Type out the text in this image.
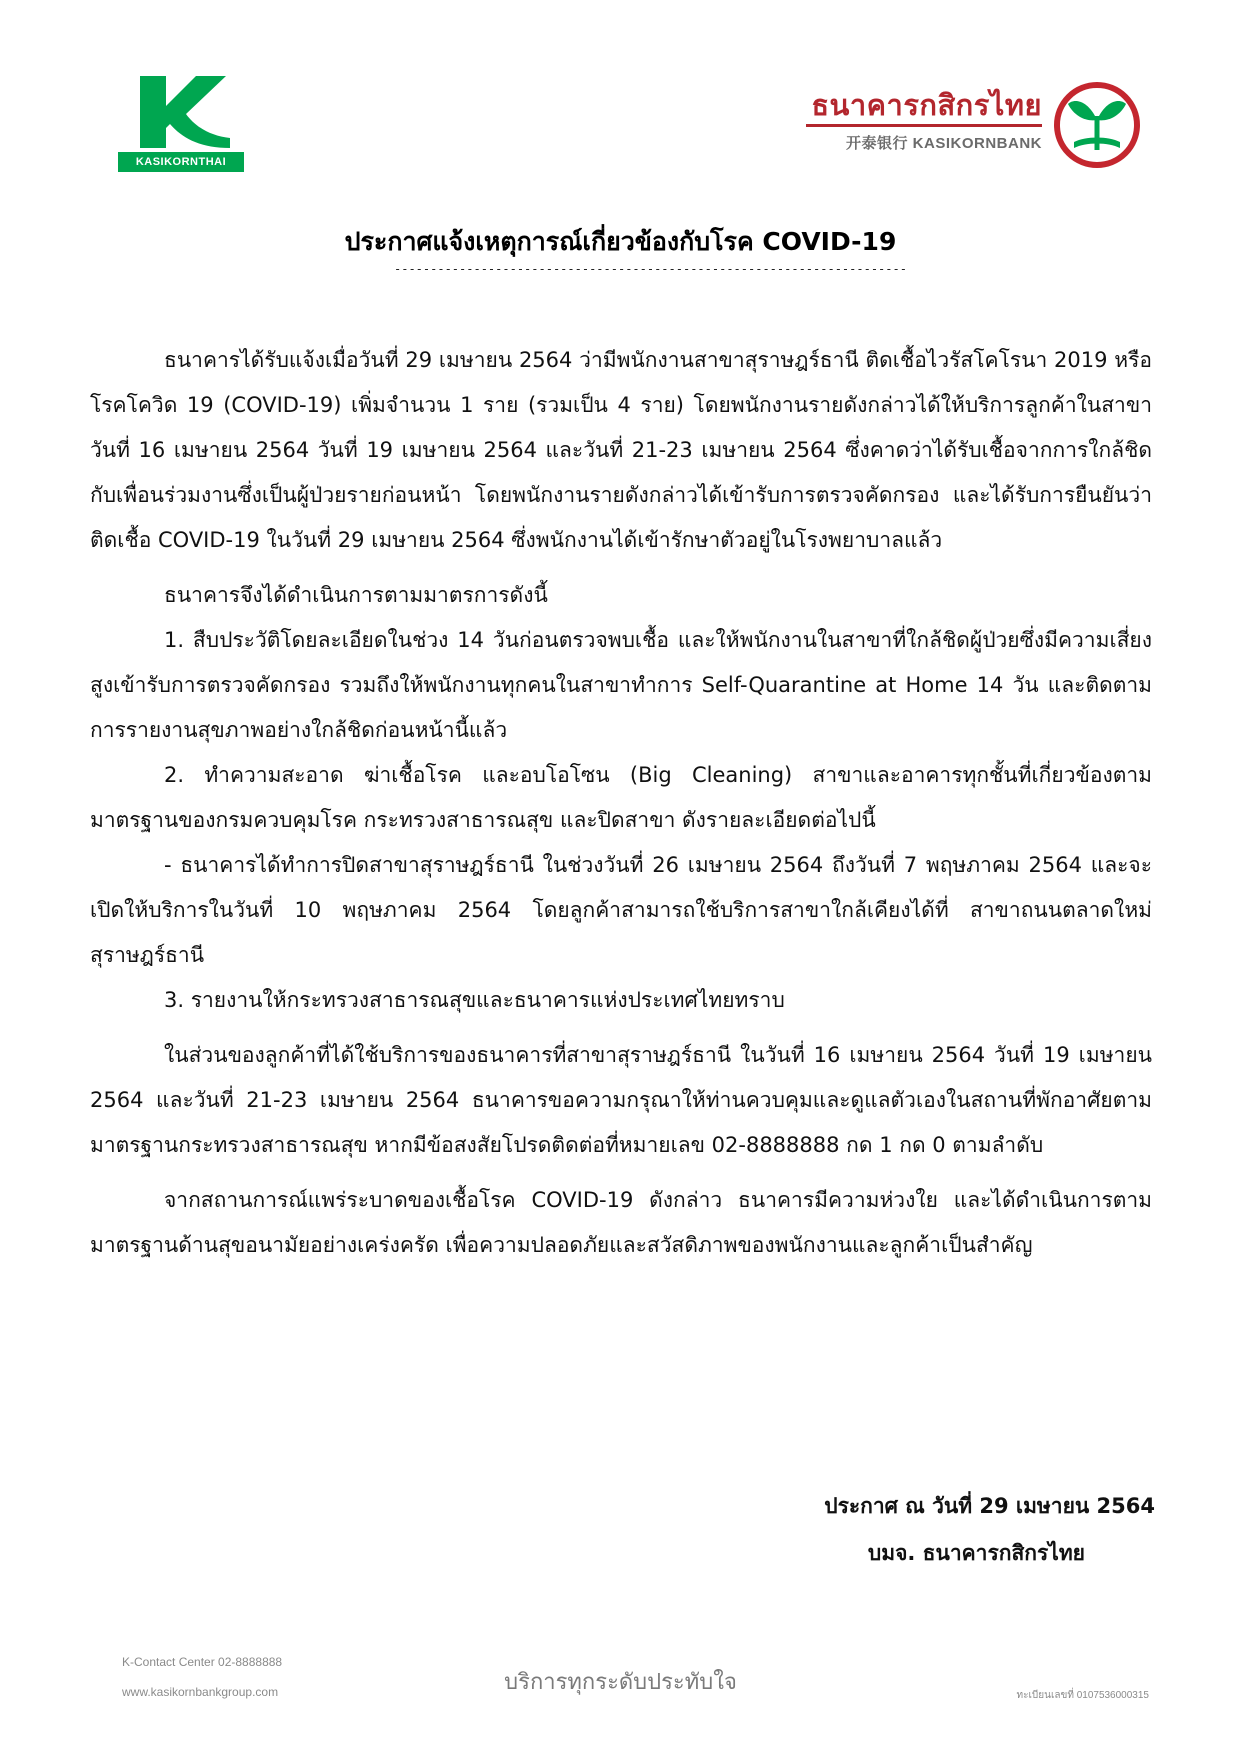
KASIKORNTHAI
ธนาคารกสิกรไทย
开泰银行 KASIKORNBANK
ประกาศแจ้งเหตุการณ์เกี่ยวข้องกับโรค COVID-19
-----------------------------------------------------------------------

ธนาคารได้รับแจ้งเมื่อวันที่ 29 เมษายน 2564 ว่ามีพนักงานสาขาสุราษฎร์ธานี ติดเชื้อไวรัสโคโรนา 2019 หรือโรคโควิด 19 (COVID-19) เพิ่มจำนวน 1 ราย (รวมเป็น 4 ราย) โดยพนักงานรายดังกล่าวได้ให้บริการลูกค้าในสาขา วันที่ 16 เมษายน 2564 วันที่ 19 เมษายน 2564 และวันที่ 21-23 เมษายน 2564 ซึ่งคาดว่าได้รับเชื้อจากการใกล้ชิดกับเพื่อนร่วมงานซึ่งเป็นผู้ป่วยรายก่อนหน้า โดยพนักงานรายดังกล่าวได้เข้ารับการตรวจคัดกรอง และได้รับการยืนยันว่าติดเชื้อ COVID-19 ในวันที่ 29 เมษายน 2564 ซึ่งพนักงานได้เข้ารักษาตัวอยู่ในโรงพยาบาลแล้ว

ธนาคารจึงได้ดำเนินการตามมาตรการดังนี้

1. สืบประวัติโดยละเอียดในช่วง 14 วันก่อนตรวจพบเชื้อ และให้พนักงานในสาขาที่ใกล้ชิดผู้ป่วยซึ่งมีความเสี่ยงสูงเข้ารับการตรวจคัดกรอง รวมถึงให้พนักงานทุกคนในสาขาทำการ Self-Quarantine at Home 14 วัน และติดตามการรายงานสุขภาพอย่างใกล้ชิดก่อนหน้านี้แล้ว

2. ทำความสะอาด ฆ่าเชื้อโรค และอบโอโซน (Big Cleaning) สาขาและอาคารทุกชั้นที่เกี่ยวข้องตามมาตรฐานของกรมควบคุมโรค กระทรวงสาธารณสุข และปิดสาขา ดังรายละเอียดต่อไปนี้

- ธนาคารได้ทำการปิดสาขาสุราษฎร์ธานี ในช่วงวันที่ 26 เมษายน 2564 ถึงวันที่ 7 พฤษภาคม 2564 และจะเปิดให้บริการในวันที่ 10 พฤษภาคม 2564 โดยลูกค้าสามารถใช้บริการสาขาใกล้เคียงได้ที่ สาขาถนนตลาดใหม่ สุราษฎร์ธานี

3. รายงานให้กระทรวงสาธารณสุขและธนาคารแห่งประเทศไทยทราบ

ในส่วนของลูกค้าที่ได้ใช้บริการของธนาคารที่สาขาสุราษฎร์ธานี ในวันที่ 16 เมษายน 2564 วันที่ 19 เมษายน 2564 และวันที่ 21-23 เมษายน 2564 ธนาคารขอความกรุณาให้ท่านควบคุมและดูแลตัวเองในสถานที่พักอาศัยตามมาตรฐานกระทรวงสาธารณสุข หากมีข้อสงสัยโปรดติดต่อที่หมายเลข 02-8888888 กด 1 กด 0 ตามลำดับ

จากสถานการณ์แพร่ระบาดของเชื้อโรค COVID-19 ดังกล่าว ธนาคารมีความห่วงใย และได้ดำเนินการตามมาตรฐานด้านสุขอนามัยอย่างเคร่งครัด เพื่อความปลอดภัยและสวัสดิภาพของพนักงานและลูกค้าเป็นสำคัญ

ประกาศ ณ วันที่ 29 เมษายน 2564
บมจ. ธนาคารกสิกรไทย
K-Contact Center 02-8888888
www.kasikornbankgroup.com	บริการทุกระดับประทับใจ
ทะเบียนเลขที่ 0107536000315
